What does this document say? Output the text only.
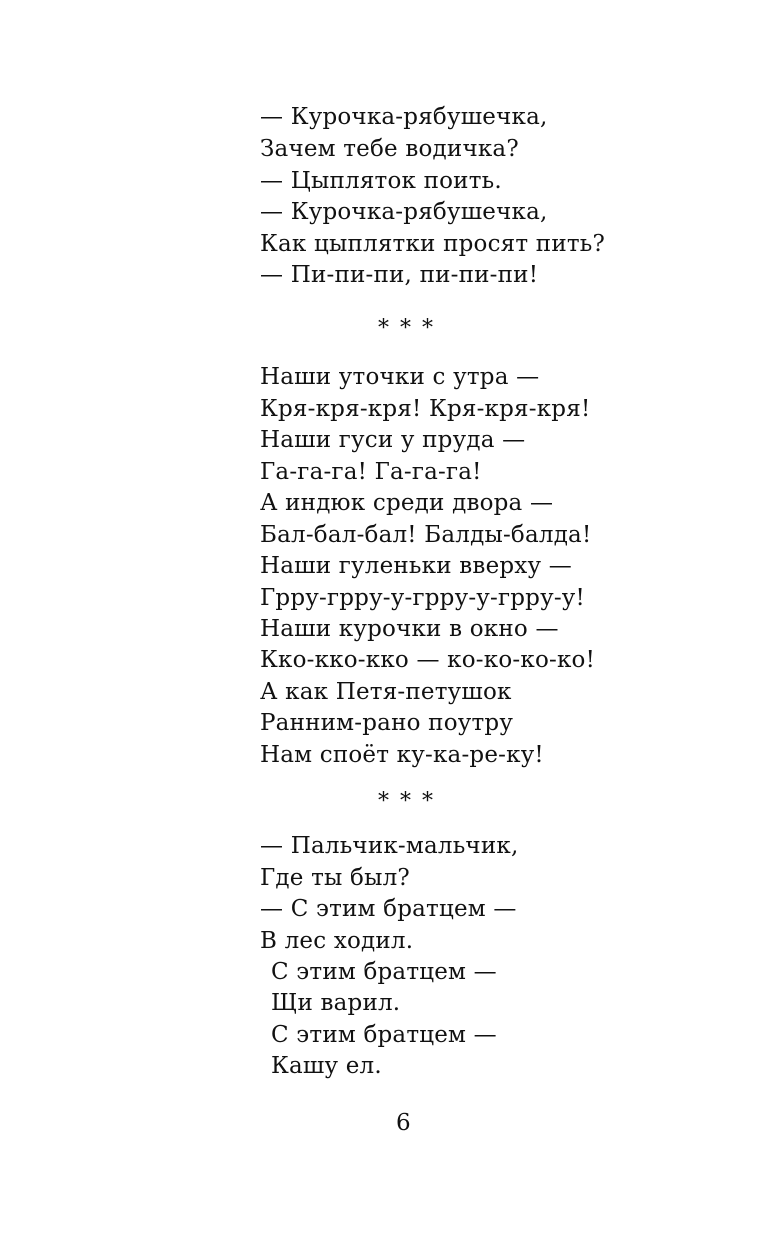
— Курочка-рябушечка,
Зачем тебе водичка?
— Цыпляток поить.
— Курочка-рябушечка,
Как цыплятки просят пить?
— Пи-пи-пи, пи-пи-пи!
* * *
Наши уточки с утра —
Кря-кря-кря! Кря-кря-кря!
Наши гуси у пруда —
Га-га-га! Га-га-га!
А индюк среди двора —
Бал-бал-бал! Балды-балда!
Наши гуленьки вверху —
Грру-грру-у-грру-у-грру-у!
Наши курочки в окно —
Кко-кко-кко — ко-ко-ко-ко!
А как Петя-петушок
Ранним-рано поутру
Нам споёт ку-ка-ре-ку!
* * *
— Пальчик-мальчик,
Где ты был?
— С этим братцем —
В лес ходил.
С этим братцем —
Щи варил.
С этим братцем —
Кашу ел.
6
